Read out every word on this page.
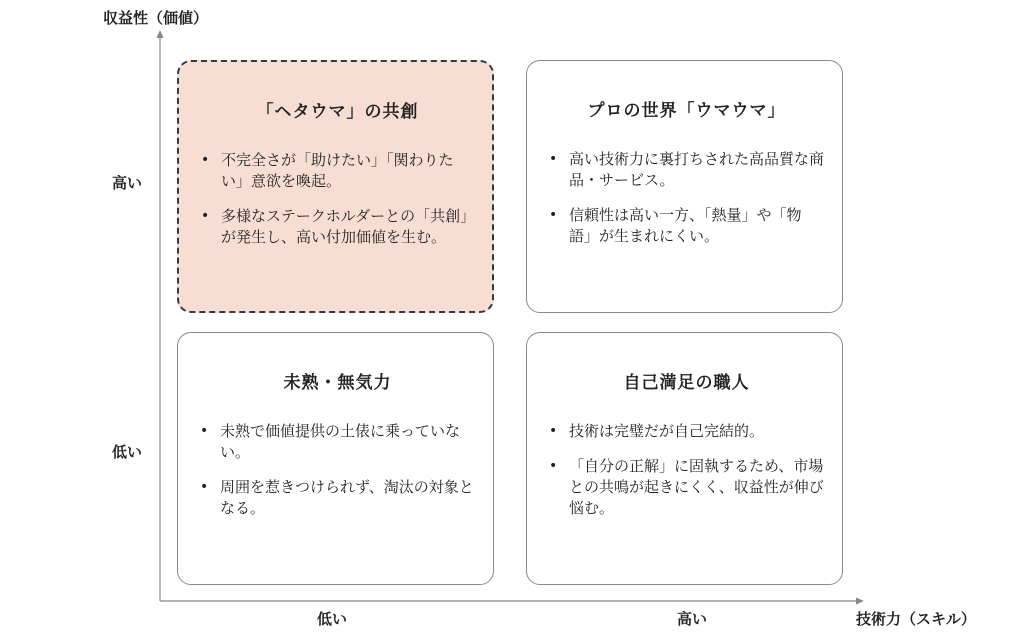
収益性（価値）
技術力（スキル）
高い
低い
低い	高い
「ヘタウマ」の共創
• 不完全さが「助けたい」「関わりたい」意欲を喚起。
• 多様なステークホルダーとの「共創」が発生し、高い付加価値を生む。
プロの世界「ウマウマ」
• 高い技術力に裏打ちされた高品質な商品・サービス。
• 信頼性は高い一方、「熱量」や「物語」が生まれにくい。
未熟・無気力
• 未熟で価値提供の土俵に乗っていない。
• 周囲を惹きつけられず、淘汰の対象となる。
自己満足の職人
• 技術は完璧だが自己完結的。
• 「自分の正解」に固執するため、市場との共鳴が起きにくく、収益性が伸び悩む。
